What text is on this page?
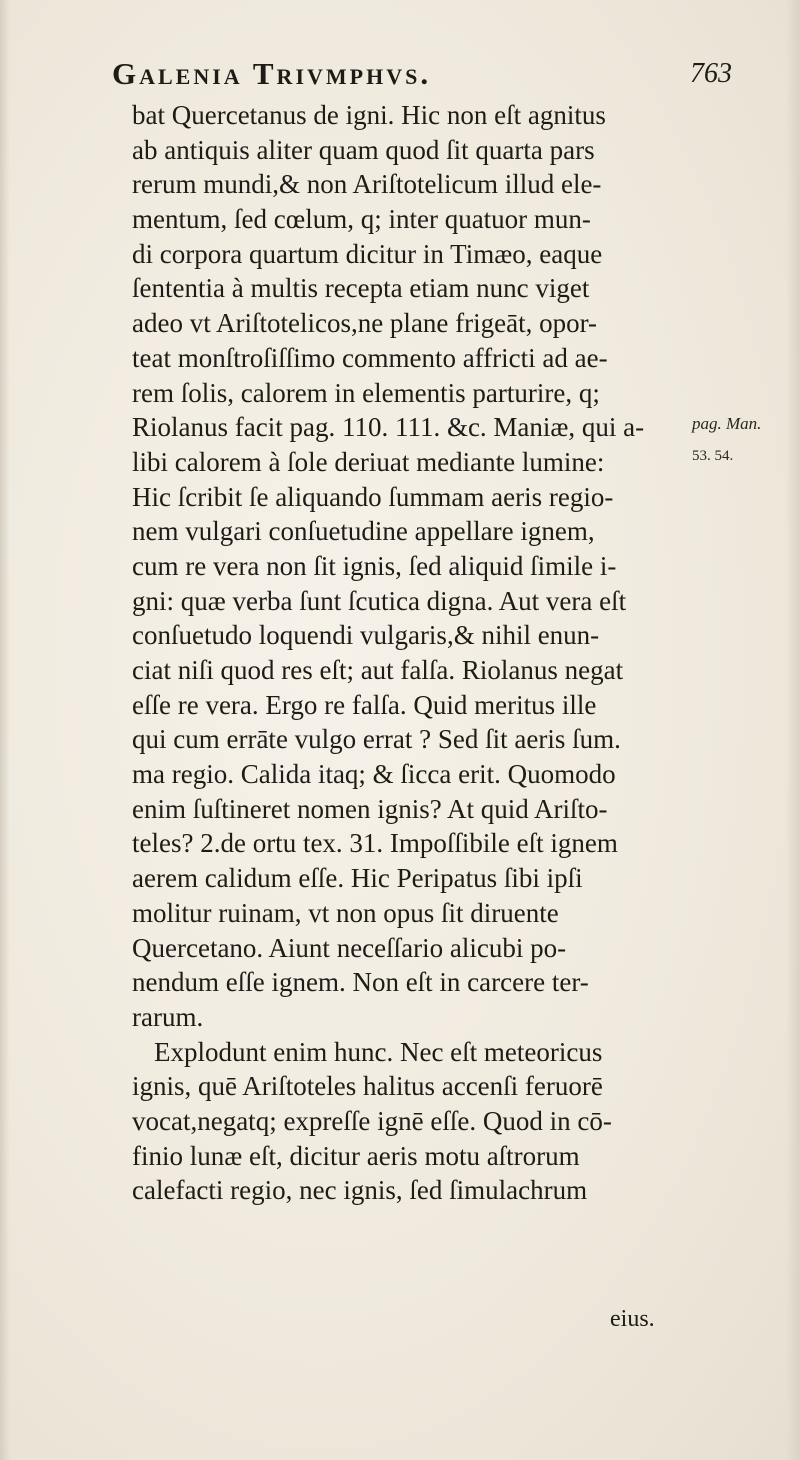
Galenia Trivmphvs.	763
bat Quercetanus de igni. Hic non eſt agnitus
ab antiquis aliter quam quod ſit quarta pars
rerum mundi,& non Ariſtotelicum illud ele-
mentum, ſed cœlum, q; inter quatuor mun-
di corpora quartum dicitur in Timæo, eaque
ſententia à multis recepta etiam nunc viget
adeo vt Ariſtotelicos,ne plane frigeāt, opor-
teat monſtroſiſſimo commento affricti ad ae-
rem ſolis, calorem in elementis parturire, q;
Riolanus facit pag. 110. 111. &c. Maniæ, qui a-
libi calorem à ſole deriuat mediante lumine:
Hic ſcribit ſe aliquando ſummam aeris regio-
nem vulgari conſuetudine appellare ignem,
cum re vera non ſit ignis, ſed aliquid ſimile i-
gni: quæ verba ſunt ſcutica digna. Aut vera eſt
conſuetudo loquendi vulgaris,& nihil enun-
ciat niſi quod res eſt; aut falſa. Riolanus negat
eſſe re vera. Ergo re falſa. Quid meritus ille
qui cum errāte vulgo errat ? Sed ſit aeris ſum.
ma regio. Calida itaq; & ſicca erit. Quomodo
enim ſuſtineret nomen ignis? At quid Ariſto-
teles? 2.de ortu tex. 31. Impoſſibile eſt ignem
aerem calidum eſſe. Hic Peripatus ſibi ipſi
molitur ruinam, vt non opus ſit diruente
Quercetano. Aiunt neceſſario alicubi po-
nendum eſſe ignem. Non eſt in carcere ter-
rarum.
Explodunt enim hunc. Nec eſt meteoricus
ignis, quē Ariſtoteles halitus accenſi feruorē
vocat,negatq; expreſſe ignē eſſe. Quod in cō-
finio lunæ eſt, dicitur aeris motu aſtrorum
calefacti regio, nec ignis, ſed ſimulachrum
pag. Man.
53. 54.
eius.
